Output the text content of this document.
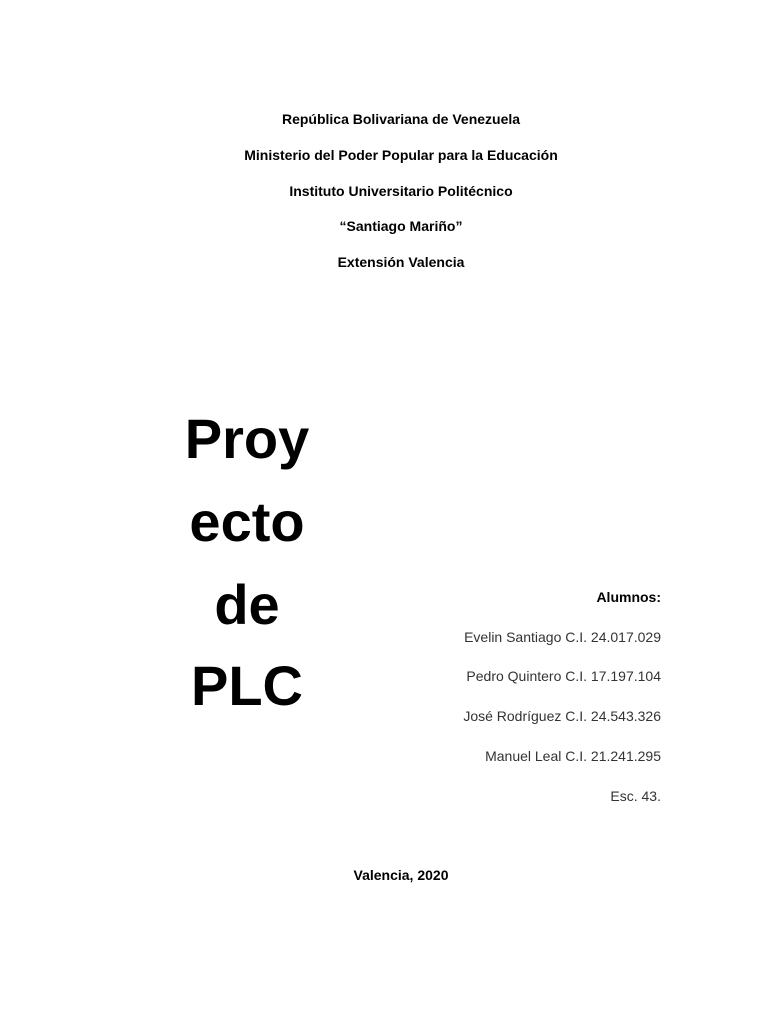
República Bolivariana de Venezuela
Ministerio del Poder Popular para la Educación
Instituto Universitario Politécnico
“Santiago Mariño”
Extensión Valencia
Proy
ecto
de
PLC
Alumnos:
Evelin Santiago C.I. 24.017.029
Pedro Quintero C.I. 17.197.104
José Rodríguez C.I. 24.543.326
Manuel Leal C.I. 21.241.295
Esc. 43.
Valencia, 2020
